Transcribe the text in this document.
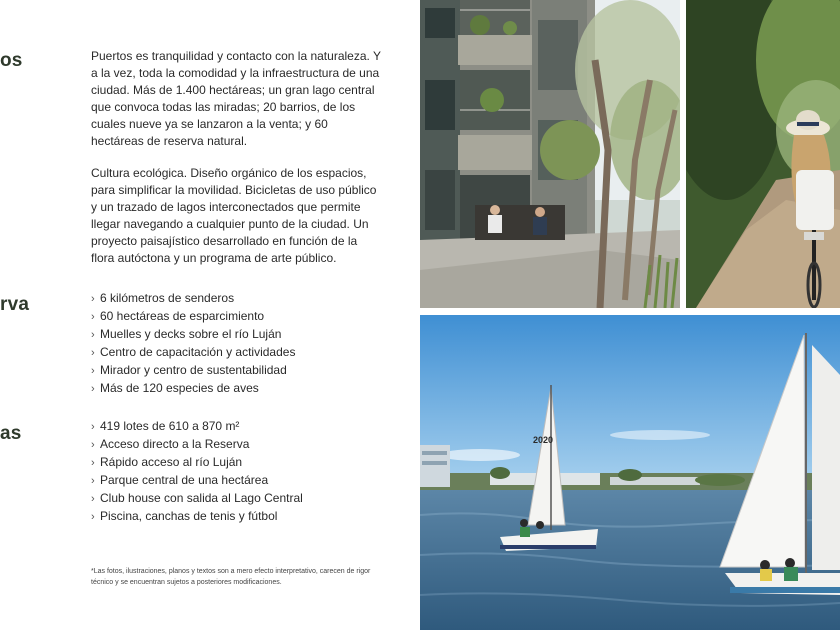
os
rva
as

Puertos es tranquilidad y contacto con la naturaleza. Y a la vez, toda la comodidad y la infraestructura de una ciudad. Más de 1.400 hectáreas; un gran lago central que convoca todas las miradas; 20 barrios, de los cuales nueve ya se lanzaron a la venta; y 60 hectáreas de reserva natural.

Cultura ecológica. Diseño orgánico de los espacios, para simplificar la movilidad. Bicicletas de uso público y un trazado de lagos interconectados que permite llegar navegando a cualquier punto de la ciudad. Un proyecto paisajístico desarrollado en función de la flora autóctona y un programa de arte público.

› 6 kilómetros de senderos
› 60 hectáreas de esparcimiento
› Muelles y decks sobre el río Luján
› Centro de capacitación y actividades
› Mirador y centro de sustentabilidad
› Más de 120 especies de aves
› 419 lotes de 610 a 870 m²
› Acceso directo a la Reserva
› Rápido acceso al río Luján
› Parque central de una hectárea
› Club house con salida al Lago Central
› Piscina, canchas de tenis y fútbol
*Las fotos, ilustraciones, planos y textos son a mero efecto interpretativo, carecen de rigor técnico y se encuentran sujetos a posteriores modificaciones.
2020
